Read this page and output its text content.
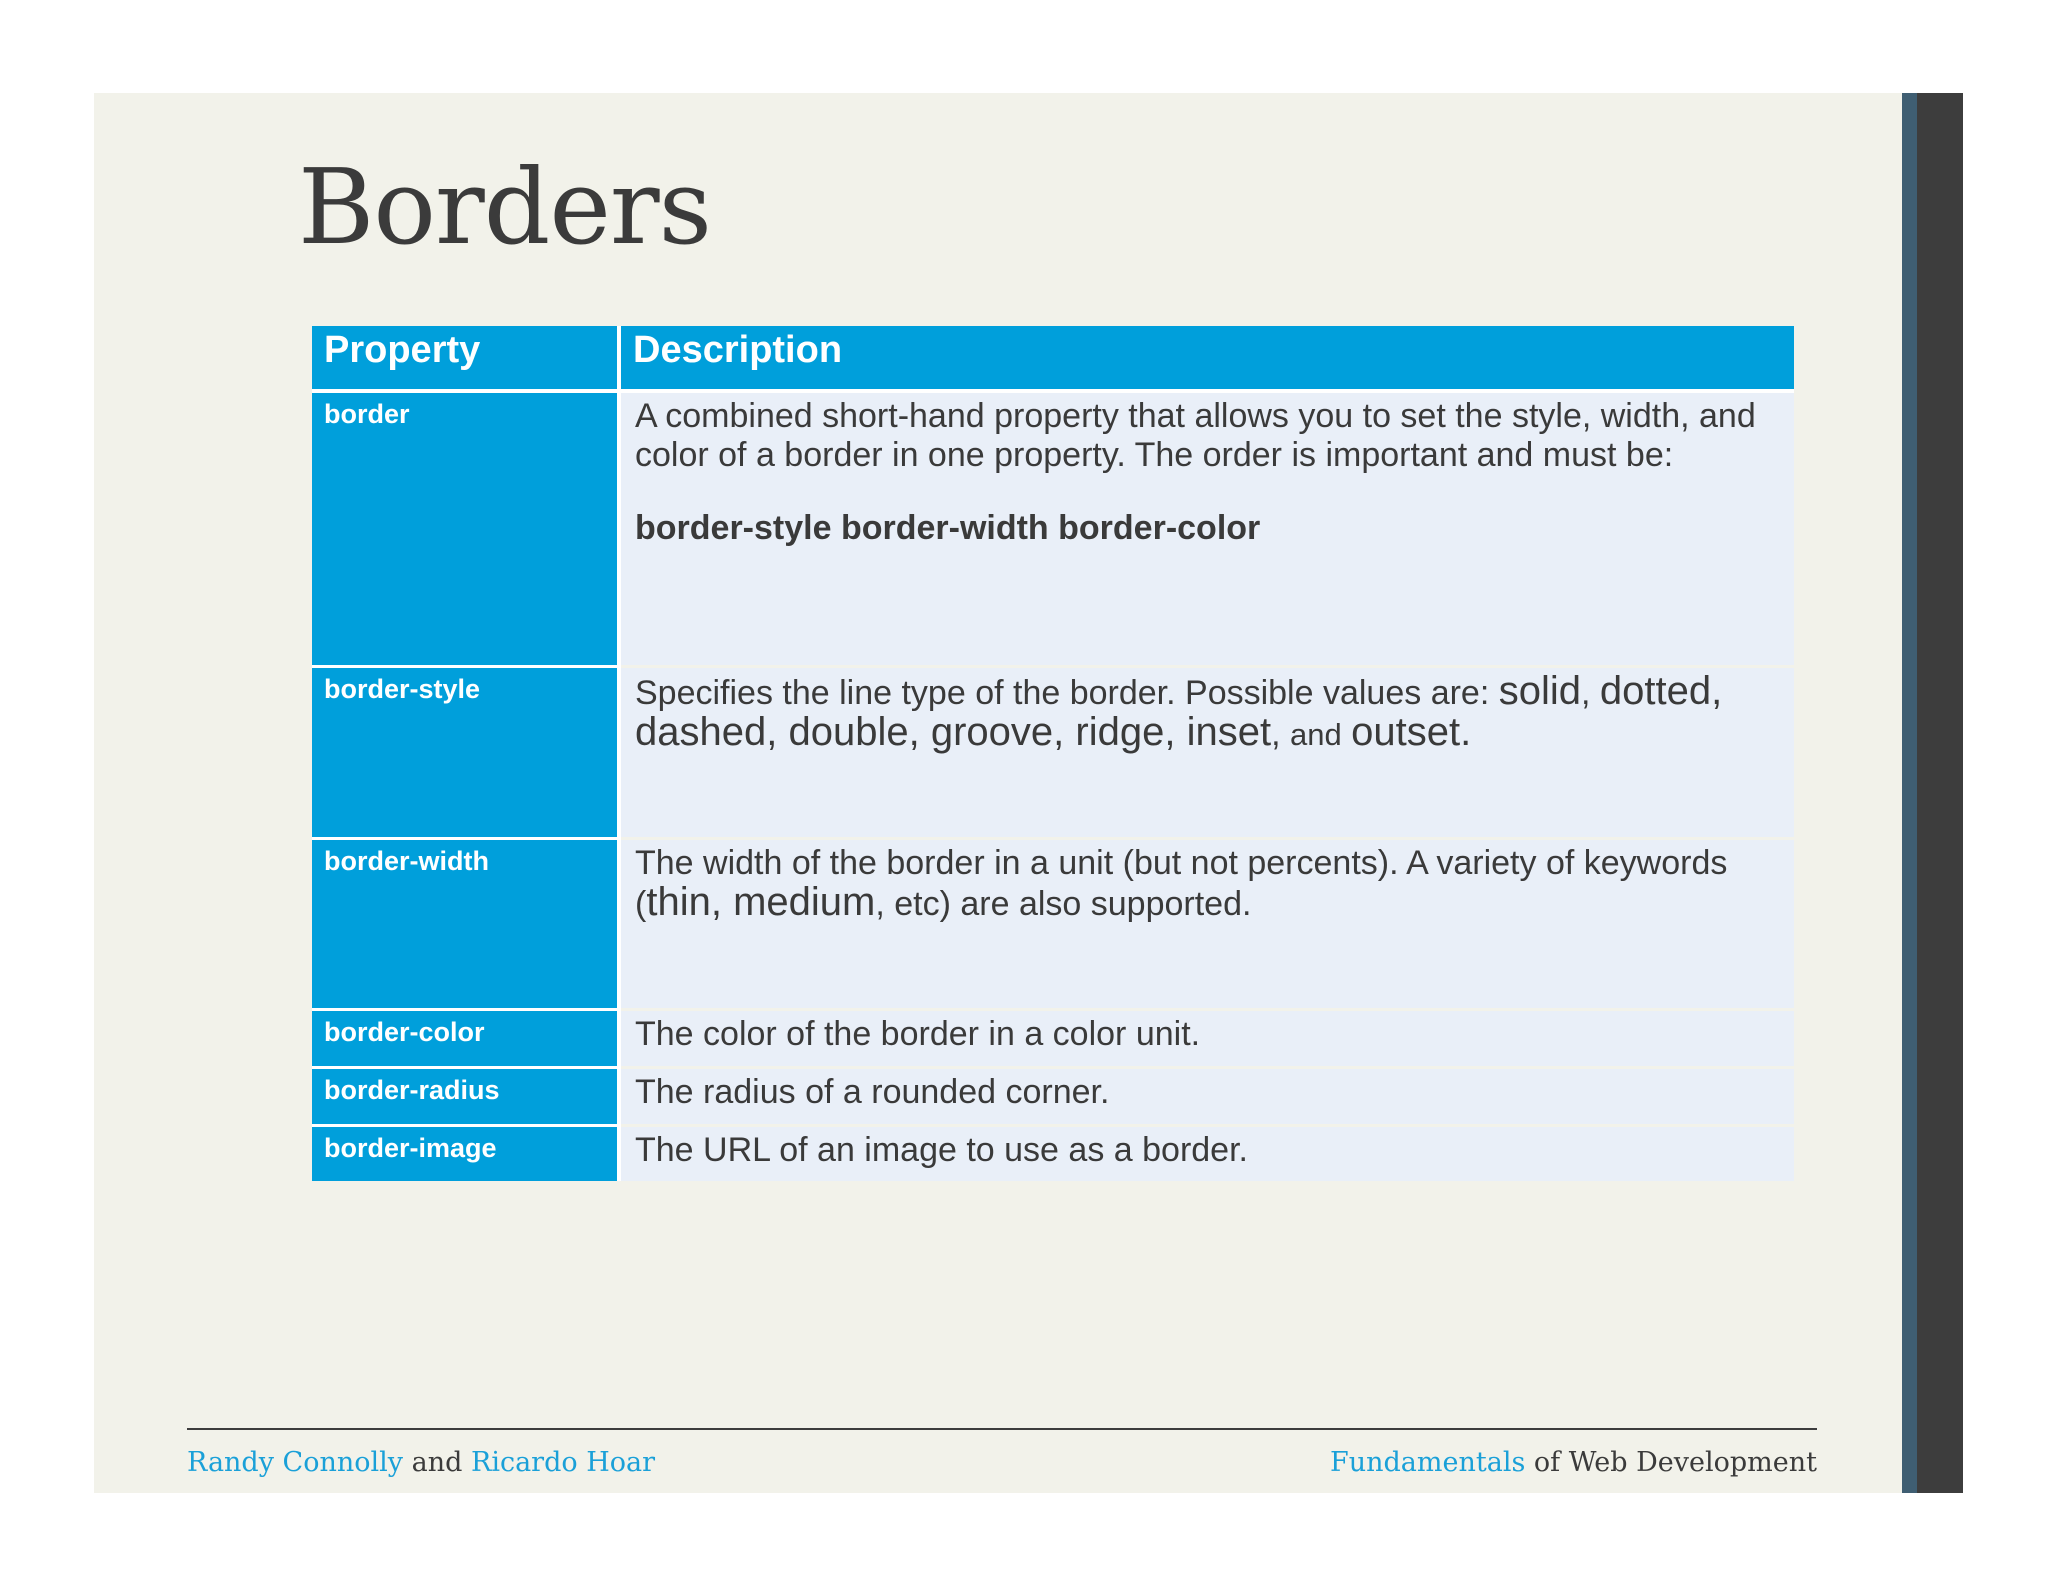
Borders
Property	Description
border	A combined short-hand property that allows you to set the style, width, and color of a border in one property. The order is important and must be:
border-style border-width border-color

border-style	Specifies the line type of the border. Possible values are: solid, dotted, dashed, double, groove, ridge, inset, and outset.
border-width	The width of the border in a unit (but not percents). A variety of keywords (thin, medium, etc) are also supported.
border-color	The color of the border in a color unit.
border-radius	The radius of a rounded corner.
border-image	The URL of an image to use as a border.
Randy Connolly and Ricardo Hoar	Fundamentals of Web Development
